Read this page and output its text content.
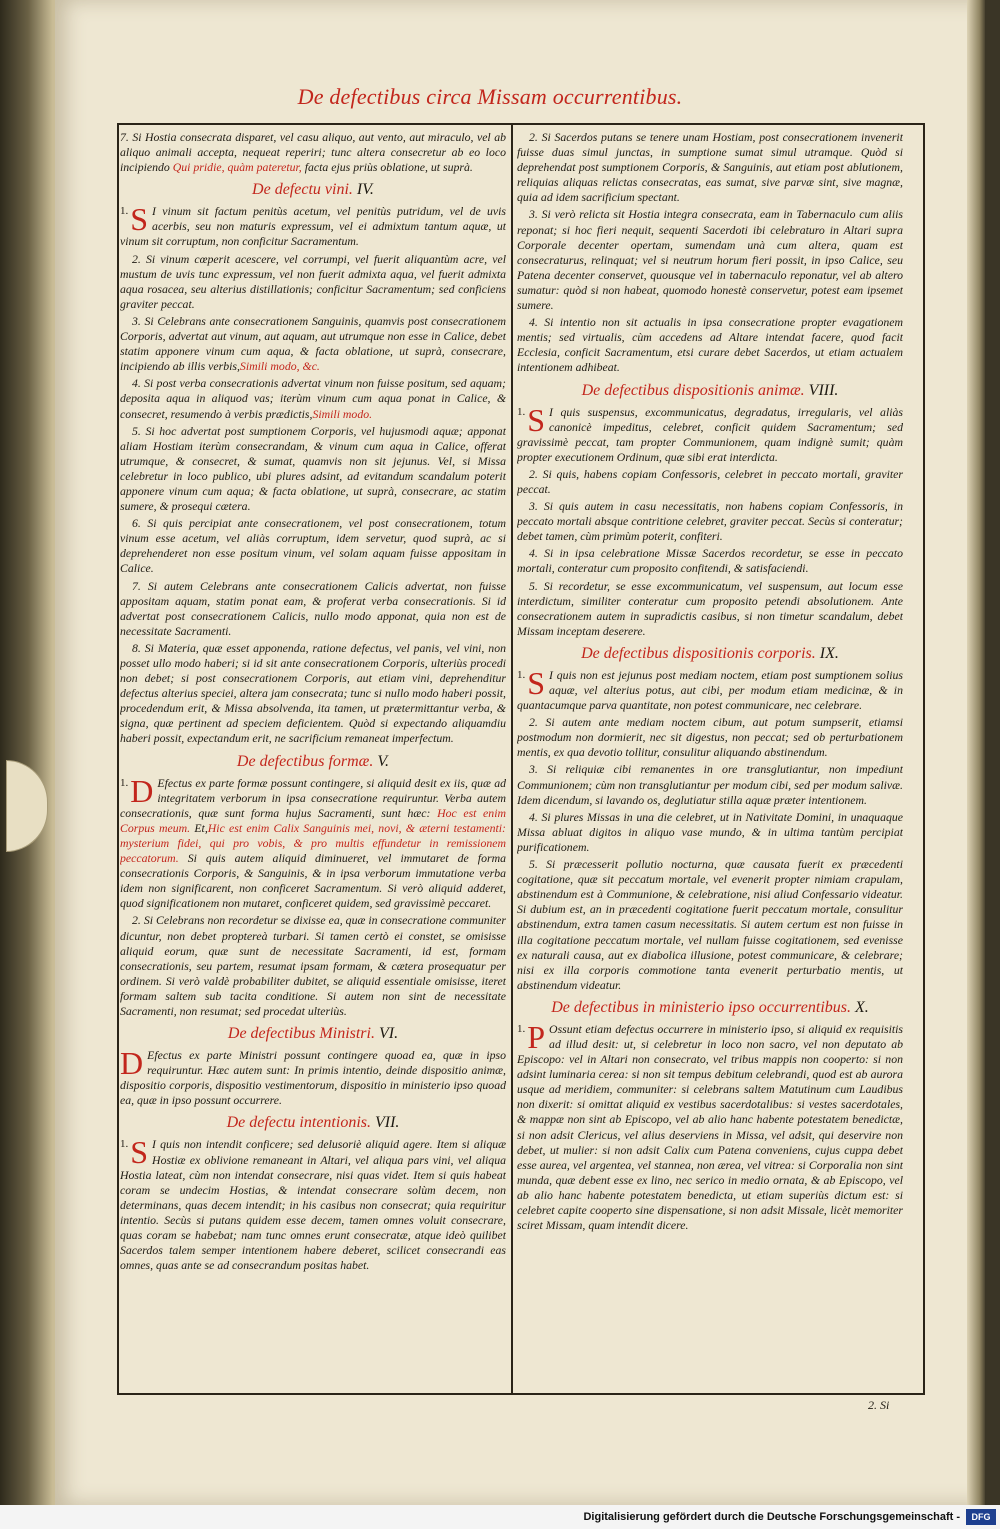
De defectibus circa Missam occurrentibus.

7. Si Hostia consecrata disparet, vel casu aliquo, aut vento, aut miraculo, vel ab aliquo animali accepta, nequeat reperiri; tunc altera consecretur ab eo loco incipiendo Qui pridie, quàm pateretur, facta ejus priùs oblatione, ut suprà.

De defectu vini. IV.

1. S I vinum sit factum penitùs acetum, vel penitùs putridum, vel de uvis acerbis, seu non maturis expressum, vel ei admixtum tantum aquæ, ut vinum sit corruptum, non conficitur Sacramentum.

2. Si vinum cœperit acescere, vel corrumpi, vel fuerit aliquantùm acre, vel mustum de uvis tunc expressum, vel non fuerit admixta aqua, vel fuerit admixta aqua rosacea, seu alterius distillationis; conficitur Sacramentum; sed conficiens graviter peccat.

3. Si Celebrans ante consecrationem Sanguinis, quamvis post consecrationem Corporis, advertat aut vinum, aut aquam, aut utrumque non esse in Calice, debet statim apponere vinum cum aqua, & facta oblatione, ut suprà, consecrare, incipiendo ab illis verbis,Simili modo, &c.

4. Si post verba consecrationis advertat vinum non fuisse positum, sed aquam; deposita aqua in aliquod vas; iterùm vinum cum aqua ponat in Calice, & consecret, resumendo à verbis prædictis,Simili modo.

5. Si hoc advertat post sumptionem Corporis, vel hujusmodi aquæ; apponat aliam Hostiam iterùm consecrandam, & vinum cum aqua in Calice, offerat utrumque, & consecret, & sumat, quamvis non sit jejunus. Vel, si Missa celebretur in loco publico, ubi plures adsint, ad evitandum scandalum poterit apponere vinum cum aqua; & facta oblatione, ut suprà, consecrare, ac statim sumere, & prosequi cætera.

6. Si quis percipiat ante consecrationem, vel post consecrationem, totum vinum esse acetum, vel aliàs corruptum, idem servetur, quod suprà, ac si deprehenderet non esse positum vinum, vel solam aquam fuisse appositam in Calice.

7. Si autem Celebrans ante consecrationem Calicis advertat, non fuisse appositam aquam, statim ponat eam, & proferat verba consecrationis. Si id advertat post consecrationem Calicis, nullo modo apponat, quia non est de necessitate Sacramenti.

8. Si Materia, quæ esset apponenda, ratione defectus, vel panis, vel vini, non posset ullo modo haberi; si id sit ante consecrationem Corporis, ulteriùs procedi non debet; si post consecrationem Corporis, aut etiam vini, deprehenditur defectus alterius speciei, altera jam consecrata; tunc si nullo modo haberi possit, procedendum erit, & Missa absolvenda, ita tamen, ut prætermittantur verba, & signa, quæ pertinent ad speciem deficientem. Quòd si expectando aliquamdiu haberi possit, expectandum erit, ne sacrificium remaneat imperfectum.

De defectibus formæ. V.

1. D Efectus ex parte formæ possunt contingere, si aliquid desit ex iis, quæ ad integritatem verborum in ipsa consecratione requiruntur. Verba autem consecrationis, quæ sunt forma hujus Sacramenti, sunt hæc: Hoc est enim Corpus meum. Et,Hic est enim Calix Sanguinis mei, novi, & æterni testamenti: mysterium fidei, qui pro vobis, & pro multis effundetur in remissionem peccatorum. Si quis autem aliquid diminueret, vel immutaret de forma consecrationis Corporis, & Sanguinis, & in ipsa verborum immutatione verba idem non significarent, non conficeret Sacramentum. Si verò aliquid adderet, quod significationem non mutaret, conficeret quidem, sed gravissimè peccaret.

2. Si Celebrans non recordetur se dixisse ea, quæ in consecratione communiter dicuntur, non debet proptereà turbari. Si tamen certò ei constet, se omisisse aliquid eorum, quæ sunt de necessitate Sacramenti, id est, formam consecrationis, seu partem, resumat ipsam formam, & cætera prosequatur per ordinem. Si verò valdè probabiliter dubitet, se aliquid essentiale omisisse, iteret formam saltem sub tacita conditione. Si autem non sint de necessitate Sacramenti, non resumat; sed procedat ulteriùs.

De defectibus Ministri. VI.

D Efectus ex parte Ministri possunt contingere quoad ea, quæ in ipso requiruntur. Hæc autem sunt: In primis intentio, deinde dispositio animæ, dispositio corporis, dispositio vestimentorum, dispositio in ministerio ipso quoad ea, quæ in ipso possunt occurrere.

De defectu intentionis. VII.

1. S I quis non intendit conficere; sed delusoriè aliquid agere. Item si aliquæ Hostiæ ex oblivione remaneant in Altari, vel aliqua pars vini, vel aliqua Hostia lateat, cùm non intendat consecrare, nisi quas videt. Item si quis habeat coram se undecim Hostias, & intendat consecrare solùm decem, non determinans, quas decem intendit; in his casibus non consecrat; quia requiritur intentio. Secùs si putans quidem esse decem, tamen omnes voluit consecrare, quas coram se habebat; nam tunc omnes erunt consecratæ, atque ideò quilibet Sacerdos talem semper intentionem habere deberet, scilicet consecrandi eas omnes, quas ante se ad consecrandum positas habet.

2. Si Sacerdos putans se tenere unam Hostiam, post consecrationem invenerit fuisse duas simul junctas, in sumptione sumat simul utramque. Quòd si deprehendat post sumptionem Corporis, & Sanguinis, aut etiam post ablutionem, reliquias aliquas relictas consecratas, eas sumat, sive parvæ sint, sive magnæ, quia ad idem sacrificium spectant.

3. Si verò relicta sit Hostia integra consecrata, eam in Tabernaculo cum aliis reponat; si hoc fieri nequit, sequenti Sacerdoti ibi celebraturo in Altari supra Corporale decenter opertam, sumendam unà cum altera, quam est consecraturus, relinquat; vel si neutrum horum fieri possit, in ipso Calice, seu Patena decenter conservet, quousque vel in tabernaculo reponatur, vel ab altero sumatur: quòd si non habeat, quomodo honestè conservetur, potest eam ipsemet sumere.

4. Si intentio non sit actualis in ipsa consecratione propter evagationem mentis; sed virtualis, cùm accedens ad Altare intendat facere, quod facit Ecclesia, conficit Sacramentum, etsi curare debet Sacerdos, ut etiam actualem intentionem adhibeat.

De defectibus dispositionis animæ. VIII.

1. S I quis suspensus, excommunicatus, degradatus, irregularis, vel aliàs canonicè impeditus, celebret, conficit quidem Sacramentum; sed gravissimè peccat, tam propter Communionem, quam indignè sumit; quàm propter executionem Ordinum, quæ sibi erat interdicta.

2. Si quis, habens copiam Confessoris, celebret in peccato mortali, graviter peccat.

3. Si quis autem in casu necessitatis, non habens copiam Confessoris, in peccato mortali absque contritione celebret, graviter peccat. Secùs si conteratur; debet tamen, cùm primùm poterit, confiteri.

4. Si in ipsa celebratione Missæ Sacerdos recordetur, se esse in peccato mortali, conteratur cum proposito confitendi, & satisfaciendi.

5. Si recordetur, se esse excommunicatum, vel suspensum, aut locum esse interdictum, similiter conteratur cum proposito petendi absolutionem. Ante consecrationem autem in supradictis casibus, si non timetur scandalum, debet Missam inceptam deserere.

De defectibus dispositionis corporis. IX.

1. S I quis non est jejunus post mediam noctem, etiam post sumptionem solius aquæ, vel alterius potus, aut cibi, per modum etiam medicinæ, & in quantacumque parva quantitate, non potest communicare, nec celebrare.

2. Si autem ante mediam noctem cibum, aut potum sumpserit, etiamsi postmodum non dormierit, nec sit digestus, non peccat; sed ob perturbationem mentis, ex qua devotio tollitur, consulitur aliquando abstinendum.

3. Si reliquiæ cibi remanentes in ore transglutiantur, non impediunt Communionem; cùm non transglutiantur per modum cibi, sed per modum salivæ. Idem dicendum, si lavando os, deglutiatur stilla aquæ præter intentionem.

4. Si plures Missas in una die celebret, ut in Nativitate Domini, in unaquaque Missa abluat digitos in aliquo vase mundo, & in ultima tantùm percipiat purificationem.

5. Si præcesserit pollutio nocturna, quæ causata fuerit ex præcedenti cogitatione, quæ sit peccatum mortale, vel evenerit propter nimiam crapulam, abstinendum est à Communione, & celebratione, nisi aliud Confessario videatur. Si dubium est, an in præcedenti cogitatione fuerit peccatum mortale, consulitur abstinendum, extra tamen casum necessitatis. Si autem certum est non fuisse in illa cogitatione peccatum mortale, vel nullam fuisse cogitationem, sed evenisse ex naturali causa, aut ex diabolica illusione, potest communicare, & celebrare; nisi ex illa corporis commotione tanta evenerit perturbatio mentis, ut abstinendum videatur.

De defectibus in ministerio ipso occurrentibus. X.

1. P Ossunt etiam defectus occurrere in ministerio ipso, si aliquid ex requisitis ad illud desit: ut, si celebretur in loco non sacro, vel non deputato ab Episcopo: vel in Altari non consecrato, vel tribus mappis non cooperto: si non adsint luminaria cerea: si non sit tempus debitum celebrandi, quod est ab aurora usque ad meridiem, communiter: si celebrans saltem Matutinum cum Laudibus non dixerit: si omittat aliquid ex vestibus sacerdotalibus: si vestes sacerdotales, & mappæ non sint ab Episcopo, vel ab alio hanc habente potestatem benedictæ, si non adsit Clericus, vel alius deserviens in Missa, vel adsit, qui deservire non debet, ut mulier: si non adsit Calix cum Patena conveniens, cujus cuppa debet esse aurea, vel argentea, vel stannea, non ærea, vel vitrea: si Corporalia non sint munda, quæ debent esse ex lino, nec serico in medio ornata, & ab Episcopo, vel ab alio hanc habente potestatem benedicta, ut etiam superiùs dictum est: si celebret capite cooperto sine dispensatione, si non adsit Missale, licèt memoriter sciret Missam, quam intendit dicere.

2. Si
Digitalisierung gefördert durch die Deutsche Forschungsgemeinschaft -	DFG
